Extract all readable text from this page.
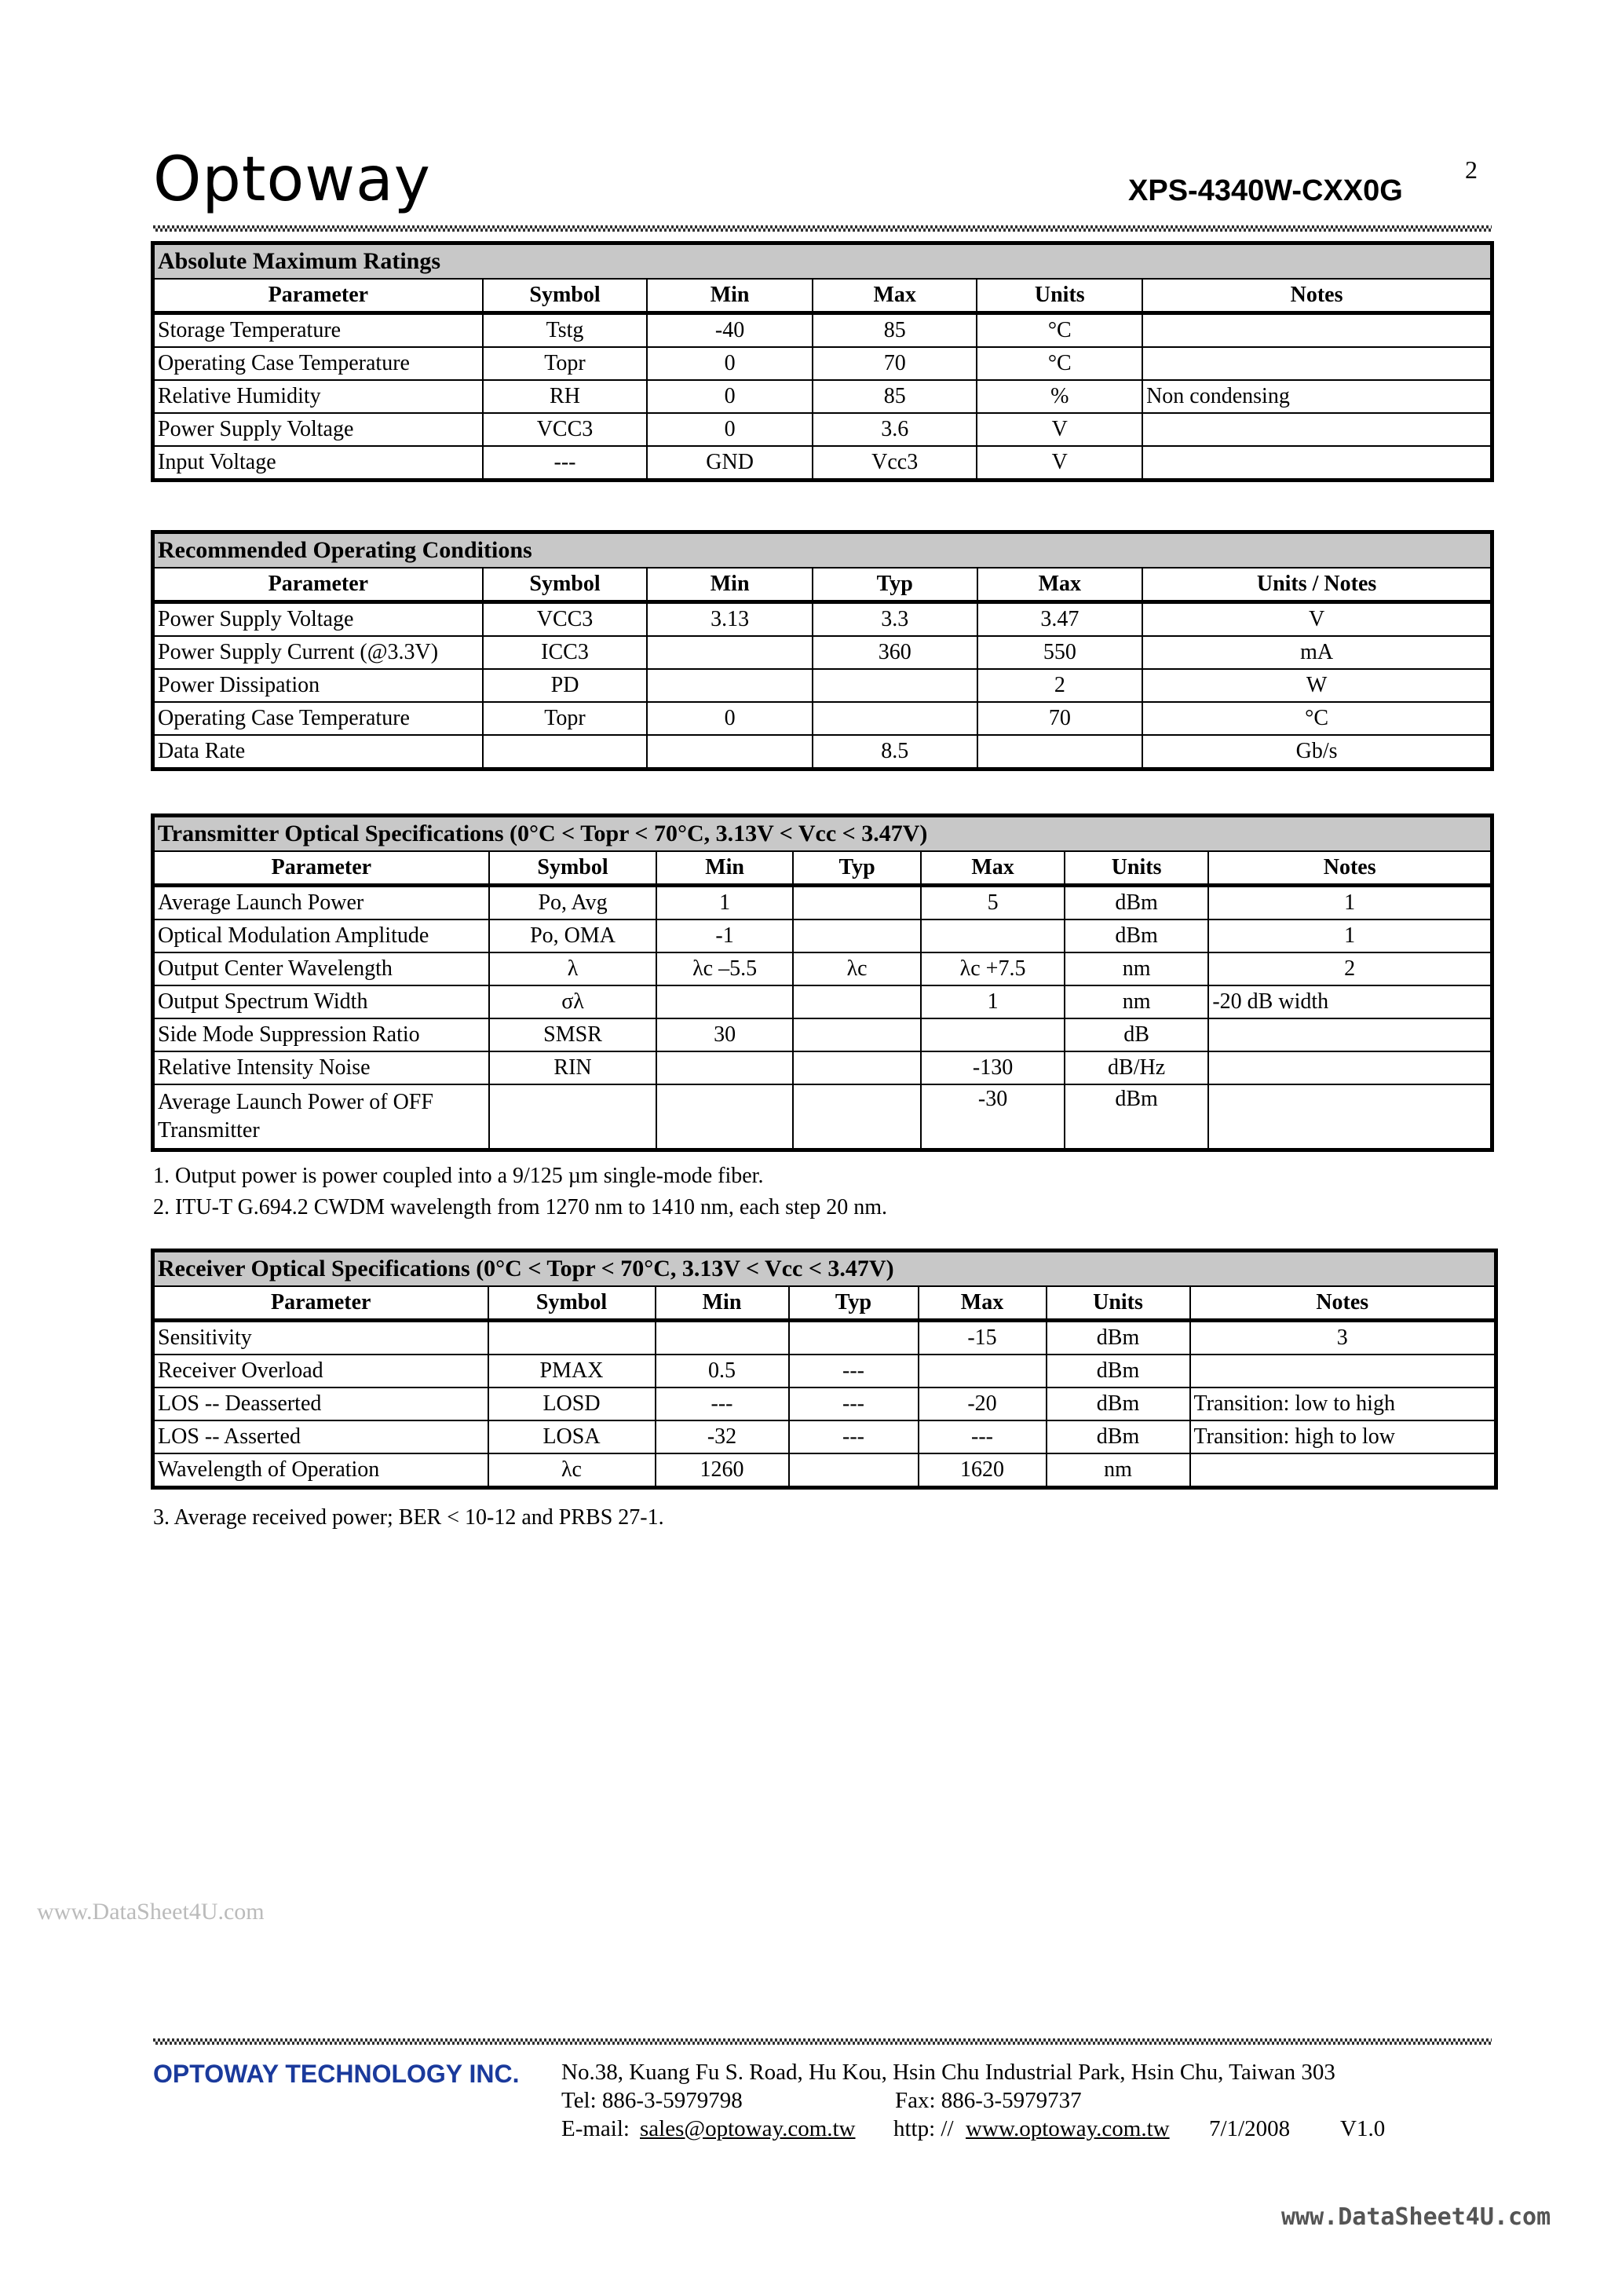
Optoway	2
XPS-4340W-CXX0G
Absolute Maximum Ratings					
Parameter	Symbol	Min	Max	Units	Notes
Storage Temperature	Tstg	-40	85	°C	
Operating Case Temperature	Topr	0	70	°C	
Relative Humidity	RH	0	85	%	Non condensing
Power Supply Voltage	VCC3	0	3.6	V	
Input Voltage	---	GND	Vcc3	V	
Recommended Operating Conditions					
Parameter	Symbol	Min	Typ	Max	Units / Notes
Power Supply Voltage	VCC3	3.13	3.3	3.47	V
Power Supply Current (@3.3V)	ICC3		360	550	mA
Power Dissipation	PD			2	W
Operating Case Temperature	Topr	0		70	°C
Data Rate			8.5		Gb/s
Transmitter Optical Specifications (0°C < Topr < 70°C, 3.13V < Vcc < 3.47V)						
Parameter	Symbol	Min	Typ	Max	Units	Notes
Average Launch Power	Po, Avg	1		5	dBm	1
Optical Modulation Amplitude	Po, OMA	-1			dBm	1
Output Center Wavelength	λ	λc –5.5	λc	λc +7.5	nm	2
Output Spectrum Width	σλ			1	nm	-20 dB width
Side Mode Suppression Ratio	SMSR	30			dB	
Relative Intensity Noise	RIN			-130	dB/Hz	
Average Launch Power of OFF Transmitter				-30	dBm	
1. Output power is power coupled into a 9/125 µm single-mode fiber.
2. ITU-T G.694.2 CWDM wavelength from 1270 nm to 1410 nm, each step 20 nm.
Receiver Optical Specifications (0°C < Topr < 70°C, 3.13V < Vcc < 3.47V)						
Parameter	Symbol	Min	Typ	Max	Units	Notes
Sensitivity				-15	dBm	3
Receiver Overload	PMAX	0.5	---		dBm	
LOS -- Deasserted	LOSD	---	---	-20	dBm	Transition: low to high
LOS -- Asserted	LOSA	-32	---	---	dBm	Transition: high to low
Wavelength of Operation	λc	1260		1620	nm	
3. Average received power; BER < 10-12 and PRBS 27-1.
www.DataSheet4U.com
OPTOWAY TECHNOLOGY INC. No.38, Kuang Fu S. Road, Hu Kou, Hsin Chu Industrial Park, Hsin Chu, Taiwan 303
Tel: 886-3-5979798	Fax: 886-3-5979737
E-mail: sales@optoway.com.tw http: // www.optoway.com.tw 7/1/2008 V1.0
www.DataSheet4U.com
